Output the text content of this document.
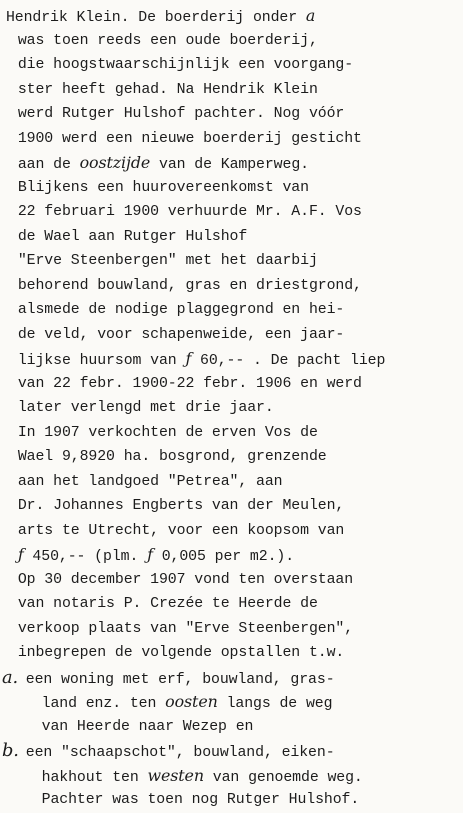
Hendrik Klein. De boerderij onder a
was toen reeds een oude boerderij,
die hoogstwaarschijnlijk een voorgang-
ster heeft gehad. Na Hendrik Klein
werd Rutger Hulshof pachter. Nog vóór
1900 werd een nieuwe boerderij gesticht
aan de oostzijde van de Kamperweg.
Blijkens een huurovereenkomst van
22 februari 1900 verhuurde Mr. A.F. Vos
de Wael aan Rutger Hulshof
"Erve Steenbergen" met het daarbij
behorend bouwland, gras en driestgrond,
alsmede de nodige plaggegrond en hei-
de veld, voor schapenweide, een jaar-
lijkse huursom van ƒ 60,-- . De pacht liep
van 22 febr. 1900-22 febr. 1906 en werd
later verlengd met drie jaar.
In 1907 verkochten de erven Vos de
Wael 9,8920 ha. bosgrond, grenzende
aan het landgoed "Petrea", aan
Dr. Johannes Engberts van der Meulen,
arts te Utrecht, voor een koopsom van
ƒ 450,-- (plm. ƒ 0,005 per m2.).
Op 30 december 1907 vond ten overstaan
van notaris P. Crezée te Heerde de
verkoop plaats van "Erve Steenbergen",
inbegrepen de volgende opstallen t.w.
a. een woning met erf, bouwland, gras-
land enz. ten oosten langs de weg
van Heerde naar Wezep en
b. een "schaapschot", bouwland, eiken-
hakhout ten westen van genoemde weg.
Pachter was toen nog Rutger Hulshof.
